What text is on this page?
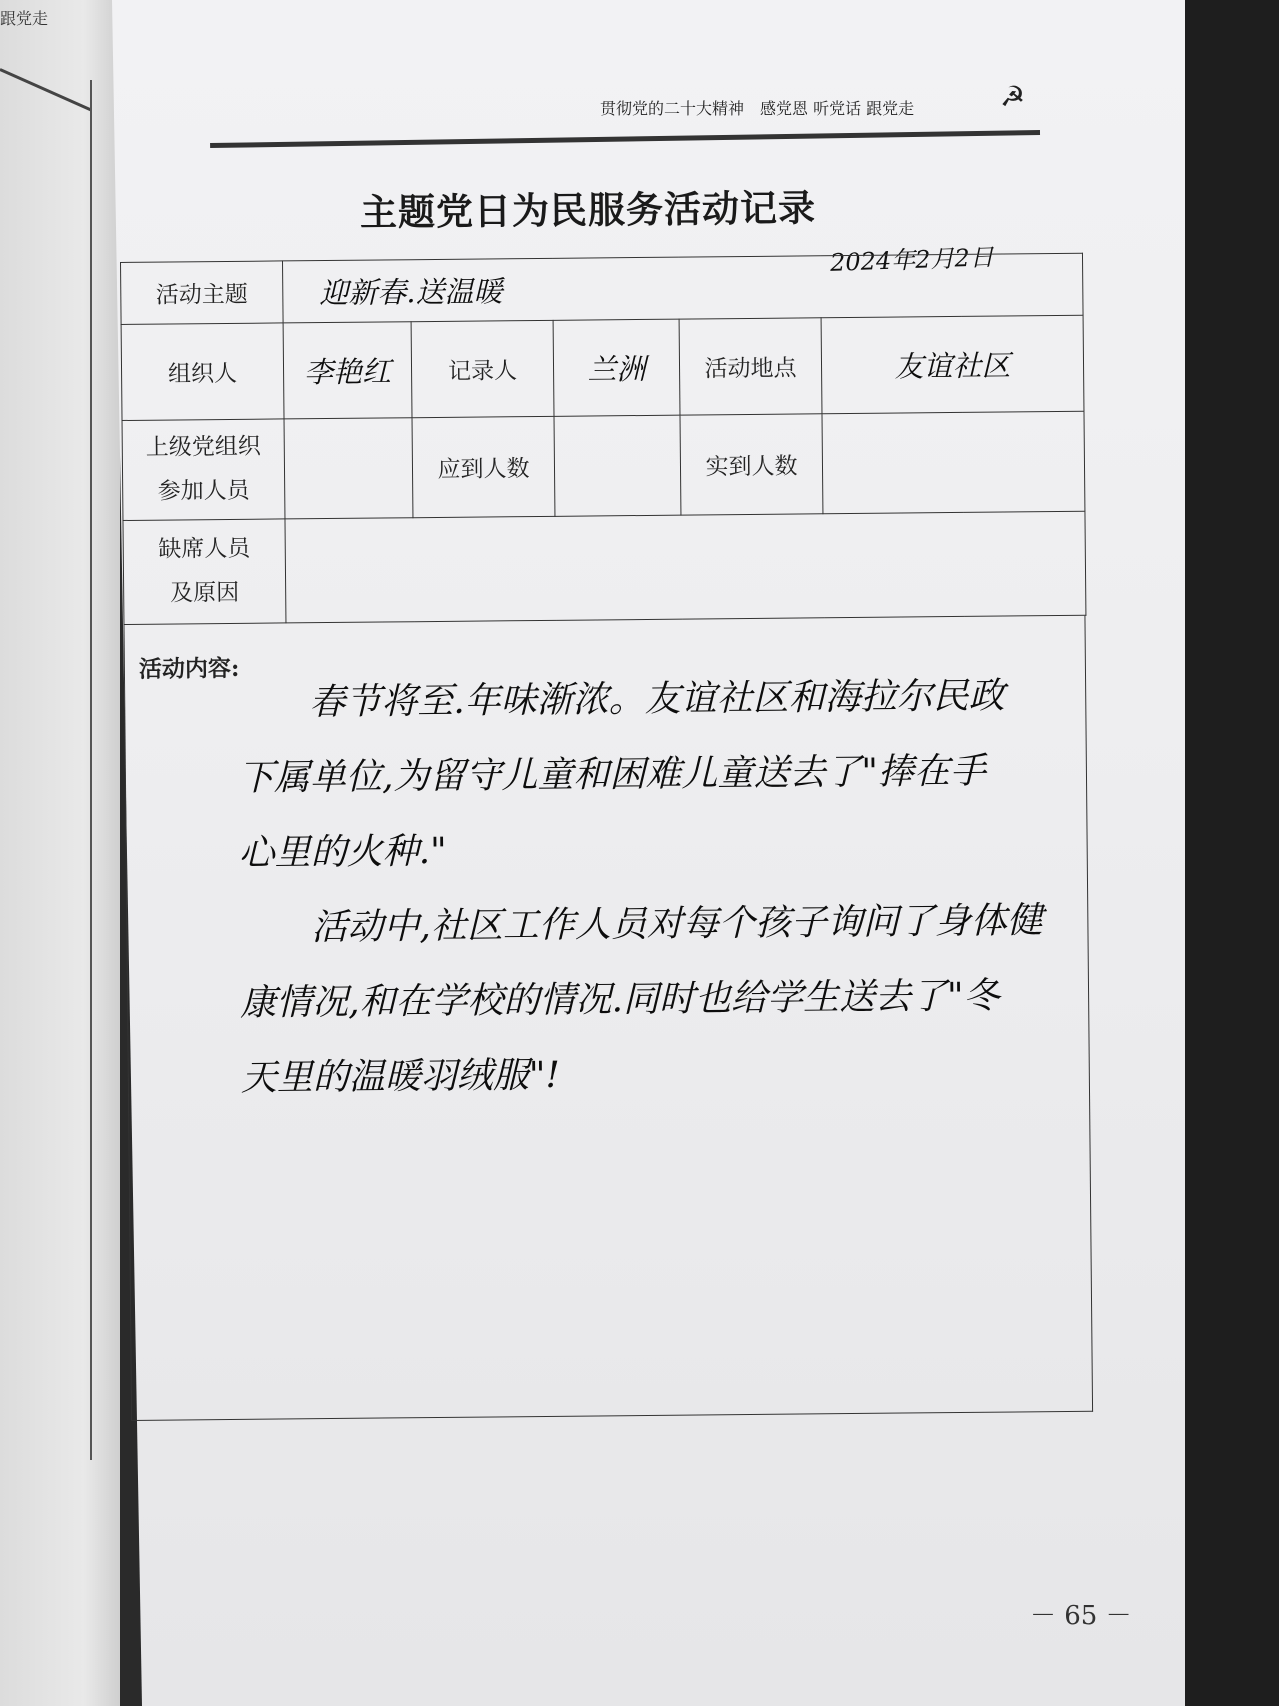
跟党走
贯彻党的二十大精神　感党恩 听党话 跟党走	☭
主题党日为民服务活动记录
2024年2月2日
活动主题	迎新春.送温暖				
组织人	李艳红	记录人	兰洲	活动地点	友谊社区
上级党组织
参加人员		应到人数		实到人数	
缺席人员
及原因					
活动内容:
　　春节将至.年味渐浓。友谊社区和海拉尔民政
下属单位,为留守儿童和困难儿童送去了"捧在手
心里的火种."
　　活动中,社区工作人员对每个孩子询问了身体健
康情况,和在学校的情况.同时也给学生送去了"冬
天里的温暖羽绒服"!
－ 65 －
